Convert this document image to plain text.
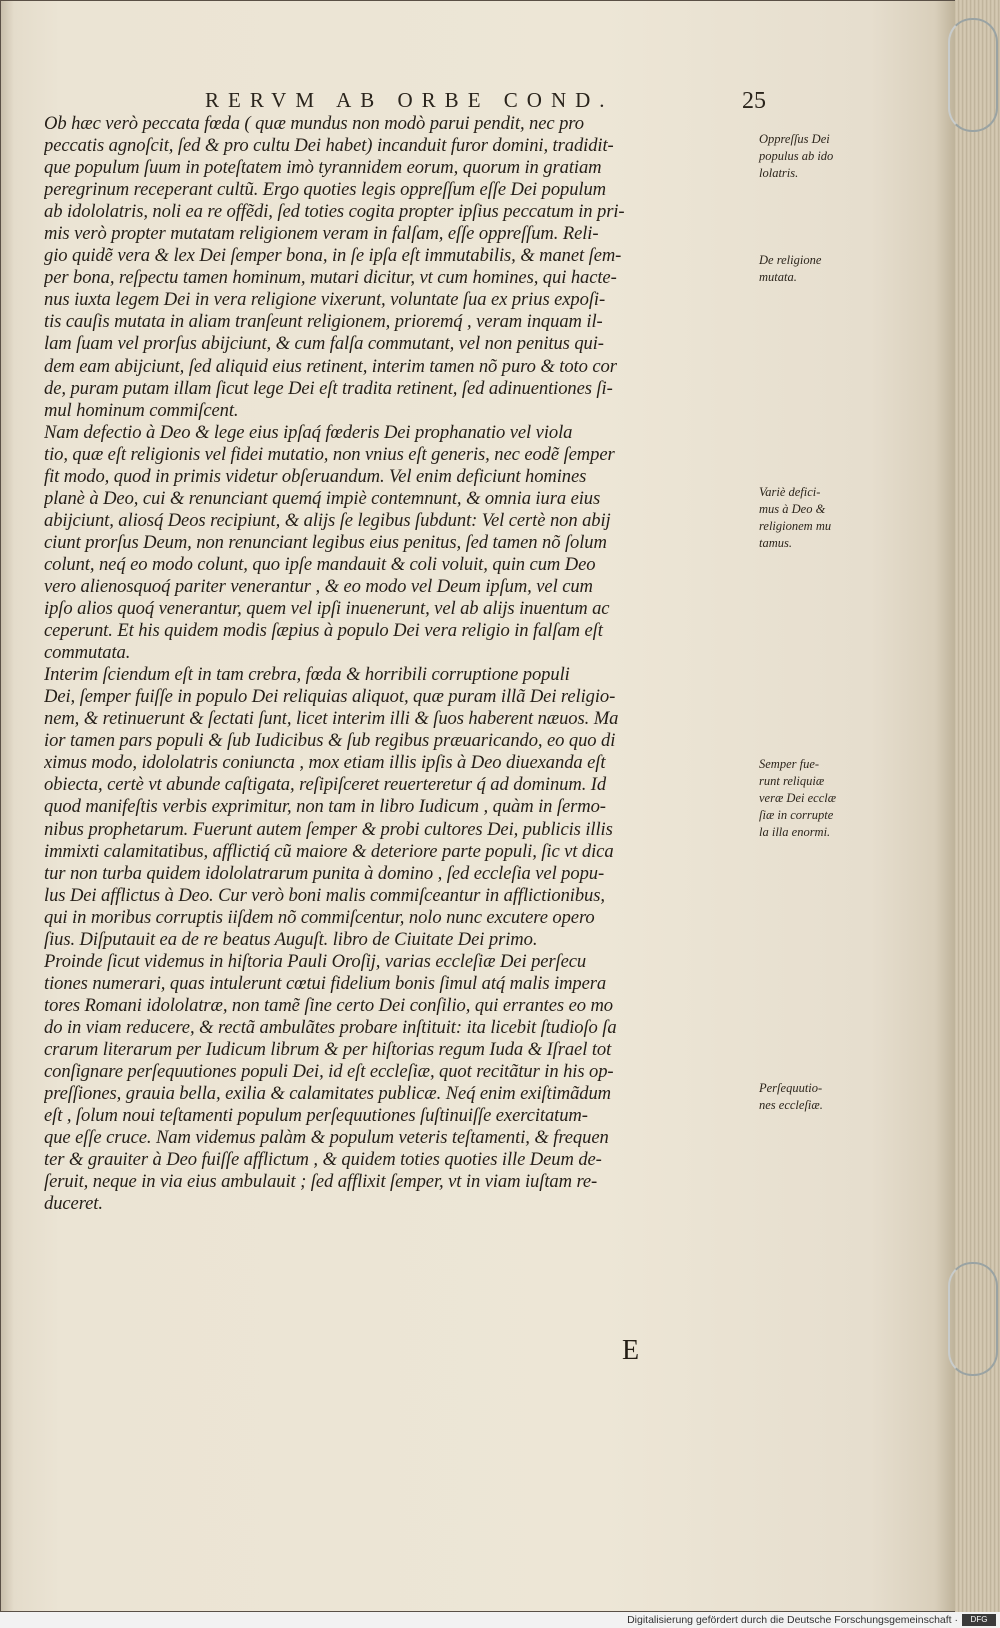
RERVM AB ORBE COND.	25
Ob hæc verò peccata fœda ( quæ mundus non modò parui pendit, nec pro
peccatis agnoſcit, ſed & pro cultu Dei habet) incanduit furor domini, tradidit-
que populum ſuum in poteſtatem imò tyrannidem eorum, quorum in gratiam
peregrinum receperant cultũ. Ergo quoties legis oppreſſum eſſe Dei populum
ab idololatris, noli ea re offẽdi, ſed toties cogita propter ipſius peccatum in pri-
mis verò propter mutatam religionem veram in falſam, eſſe oppreſſum. Reli-
gio quidẽ vera & lex Dei ſemper bona, in ſe ipſa eſt immutabilis, & manet ſem-
per bona, reſpectu tamen hominum, mutari dicitur, vt cum homines, qui hacte-
nus iuxta legem Dei in vera religione vixerunt, voluntate ſua ex prius expoſi-
tis cauſis mutata in aliam tranſeunt religionem, prioremq́ , veram inquam il-
lam ſuam vel prorſus abijciunt, & cum falſa commutant, vel non penitus qui-
dem eam abijciunt, ſed aliquid eius retinent, interim tamen nõ puro & toto cor
de, puram putam illam ſicut lege Dei eſt tradita retinent, ſed adinuentiones ſi-
mul hominum commiſcent.
Nam defectio à Deo & lege eius ipſaq́ fœderis Dei prophanatio vel viola
tio, quæ eſt religionis vel fidei mutatio, non vnius eſt generis, nec eodẽ ſemper
fit modo, quod in primis videtur obſeruandum. Vel enim deficiunt homines
planè à Deo, cui & renunciant quemq́ impiè contemnunt, & omnia iura eius
abijciunt, aliosq́ Deos recipiunt, & alijs ſe legibus ſubdunt: Vel certè non abij
ciunt prorſus Deum, non renunciant legibus eius penitus, ſed tamen nõ ſolum
colunt, neq́ eo modo colunt, quo ipſe mandauit & coli voluit, quin cum Deo
vero alienosquoq́ pariter venerantur , & eo modo vel Deum ipſum, vel cum
ipſo alios quoq́ venerantur, quem vel ipſi inuenerunt, vel ab alijs inuentum ac
ceperunt. Et his quidem modis ſæpius à populo Dei vera religio in falſam eſt
commutata.
Interim ſciendum eſt in tam crebra, fœda & horribili corruptione populi
Dei, ſemper fuiſſe in populo Dei reliquias aliquot, quæ puram illã Dei religio-
nem, & retinuerunt & ſectati ſunt, licet interim illi & ſuos haberent næuos. Ma
ior tamen pars populi & ſub Iudicibus & ſub regibus præuaricando, eo quo di
ximus modo, idololatris coniuncta , mox etiam illis ipſis à Deo diuexanda eſt
obiecta, certè vt abunde caſtigata, reſipiſceret reuerteretur q́ ad dominum. Id
quod manifeſtis verbis exprimitur, non tam in libro Iudicum , quàm in ſermo-
nibus prophetarum. Fuerunt autem ſemper & probi cultores Dei, publicis illis
immixti calamitatibus, afflictiq́ cũ maiore & deteriore parte populi, ſic vt dica
tur non turba quidem idololatrarum punita à domino , ſed eccleſia vel popu-
lus Dei afflictus à Deo. Cur verò boni malis commiſceantur in afflictionibus,
qui in moribus corruptis iiſdem nõ commiſcentur, nolo nunc excutere opero
ſius. Diſputauit ea de re beatus Auguſt. libro de Ciuitate Dei primo.
Proinde ſicut videmus in hiſtoria Pauli Oroſij, varias eccleſiæ Dei perſecu
tiones numerari, quas intulerunt cœtui fidelium bonis ſimul atq́ malis impera
tores Romani idololatræ, non tamẽ ſine certo Dei conſilio, qui errantes eo mo
do in viam reducere, & rectã ambulãtes probare inſtituit: ita licebit ſtudioſo ſa
crarum literarum per Iudicum librum & per hiſtorias regum Iuda & Iſrael tot
conſignare perſequutiones populi Dei, id eſt eccleſiæ, quot recitãtur in his op-
preſſiones, grauia bella, exilia & calamitates publicæ. Neq́ enim exiſtimãdum
eſt , ſolum noui teſtamenti populum perſequutiones ſuſtinuiſſe exercitatum-
que eſſe cruce. Nam videmus palàm & populum veteris teſtamenti, & frequen
ter & grauiter à Deo fuiſſe afflictum , & quidem toties quoties ille Deum de-
ſeruit, neque in via eius ambulauit ; ſed afflixit ſemper, vt in viam iuſtam re-
duceret.
Oppreſſus Dei
populus ab ido
lolatris.
De religione
mutata.
Variè defici-
mus à Deo &
religionem mu
tamus.
Semper fue-
runt reliquiæ
veræ Dei ecclæ
ſiæ in corrupte
la illa enormi.
Perſequutio-
nes eccleſiæ.
E
Digitalisierung gefördert durch die Deutsche Forschungsgemeinschaft ·	DFG
